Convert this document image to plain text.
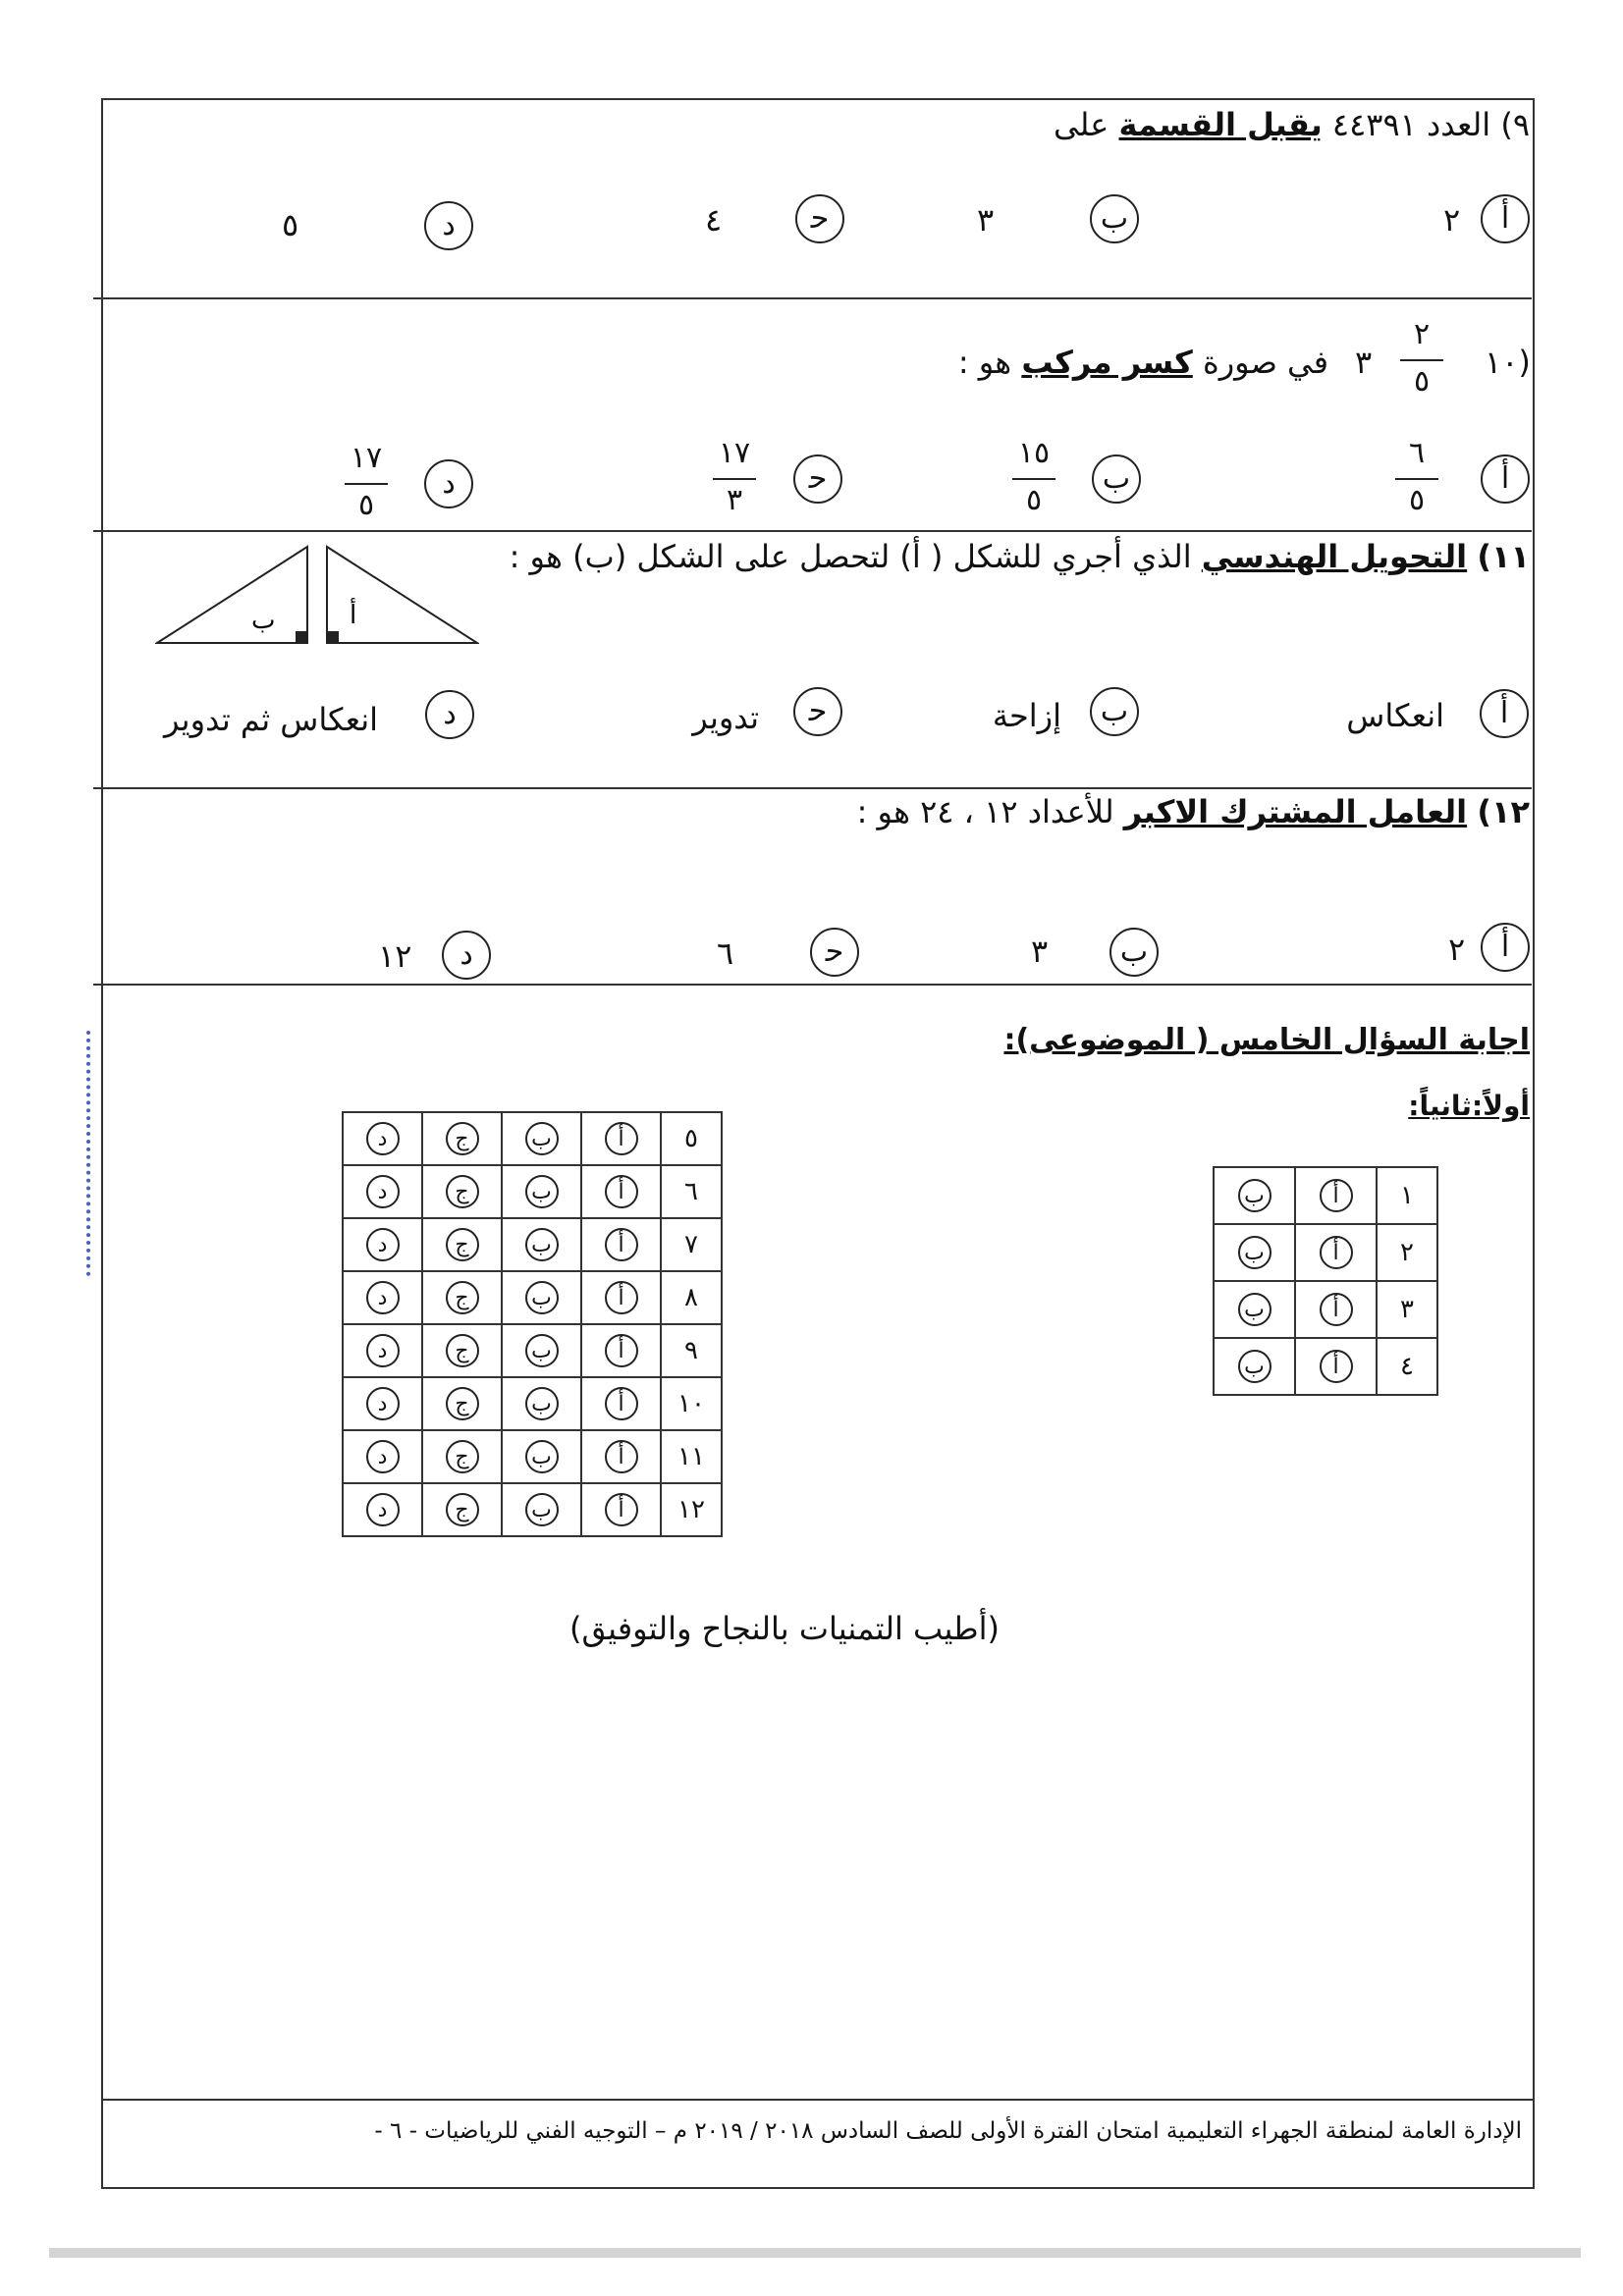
٩) العدد ٤٤٣٩١ يقبل القسمة على
أ
٢
ب
٣
ﺣ
٤
د
٥
١٠)
٢
٥
٣
في صورة كسر مركب هو :
أ
٦
٥
ب
١٥
٥
ﺣ
١٧
٣
د
١٧
٥
١١) التحويل الهندسي الذي أجري للشكل ( أ) لتحصل على الشكل (ب) هو :
ب	أ
أ
انعكاس
ب
إزاحة
ﺣ
تدوير
د
انعكاس ثم تدوير
١٢) العامل المشترك الاكبر للأعداد ١٢ ، ٢٤ هو :
أ
٢
ب
٣
ﺣ
٦
د
١٢
اجابة السؤال الخامس ( الموضوعى):
أولاً:ثانياً:
١	أ	ب
٢	أ	ب
٣	أ	ب
٤	أ	ب
٥	أ	ب	ج	د
٦	أ	ب	ج	د
٧	أ	ب	ج	د
٨	أ	ب	ج	د
٩	أ	ب	ج	د
١٠	أ	ب	ج	د
١١	أ	ب	ج	د
١٢	أ	ب	ج	د
(أطيب التمنيات بالنجاح والتوفيق)
الإدارة العامة لمنطقة الجهراء التعليمية امتحان الفترة الأولى للصف السادس ٢٠١٨ / ٢٠١٩ م – التوجيه الفني للرياضيات - ٦ -
